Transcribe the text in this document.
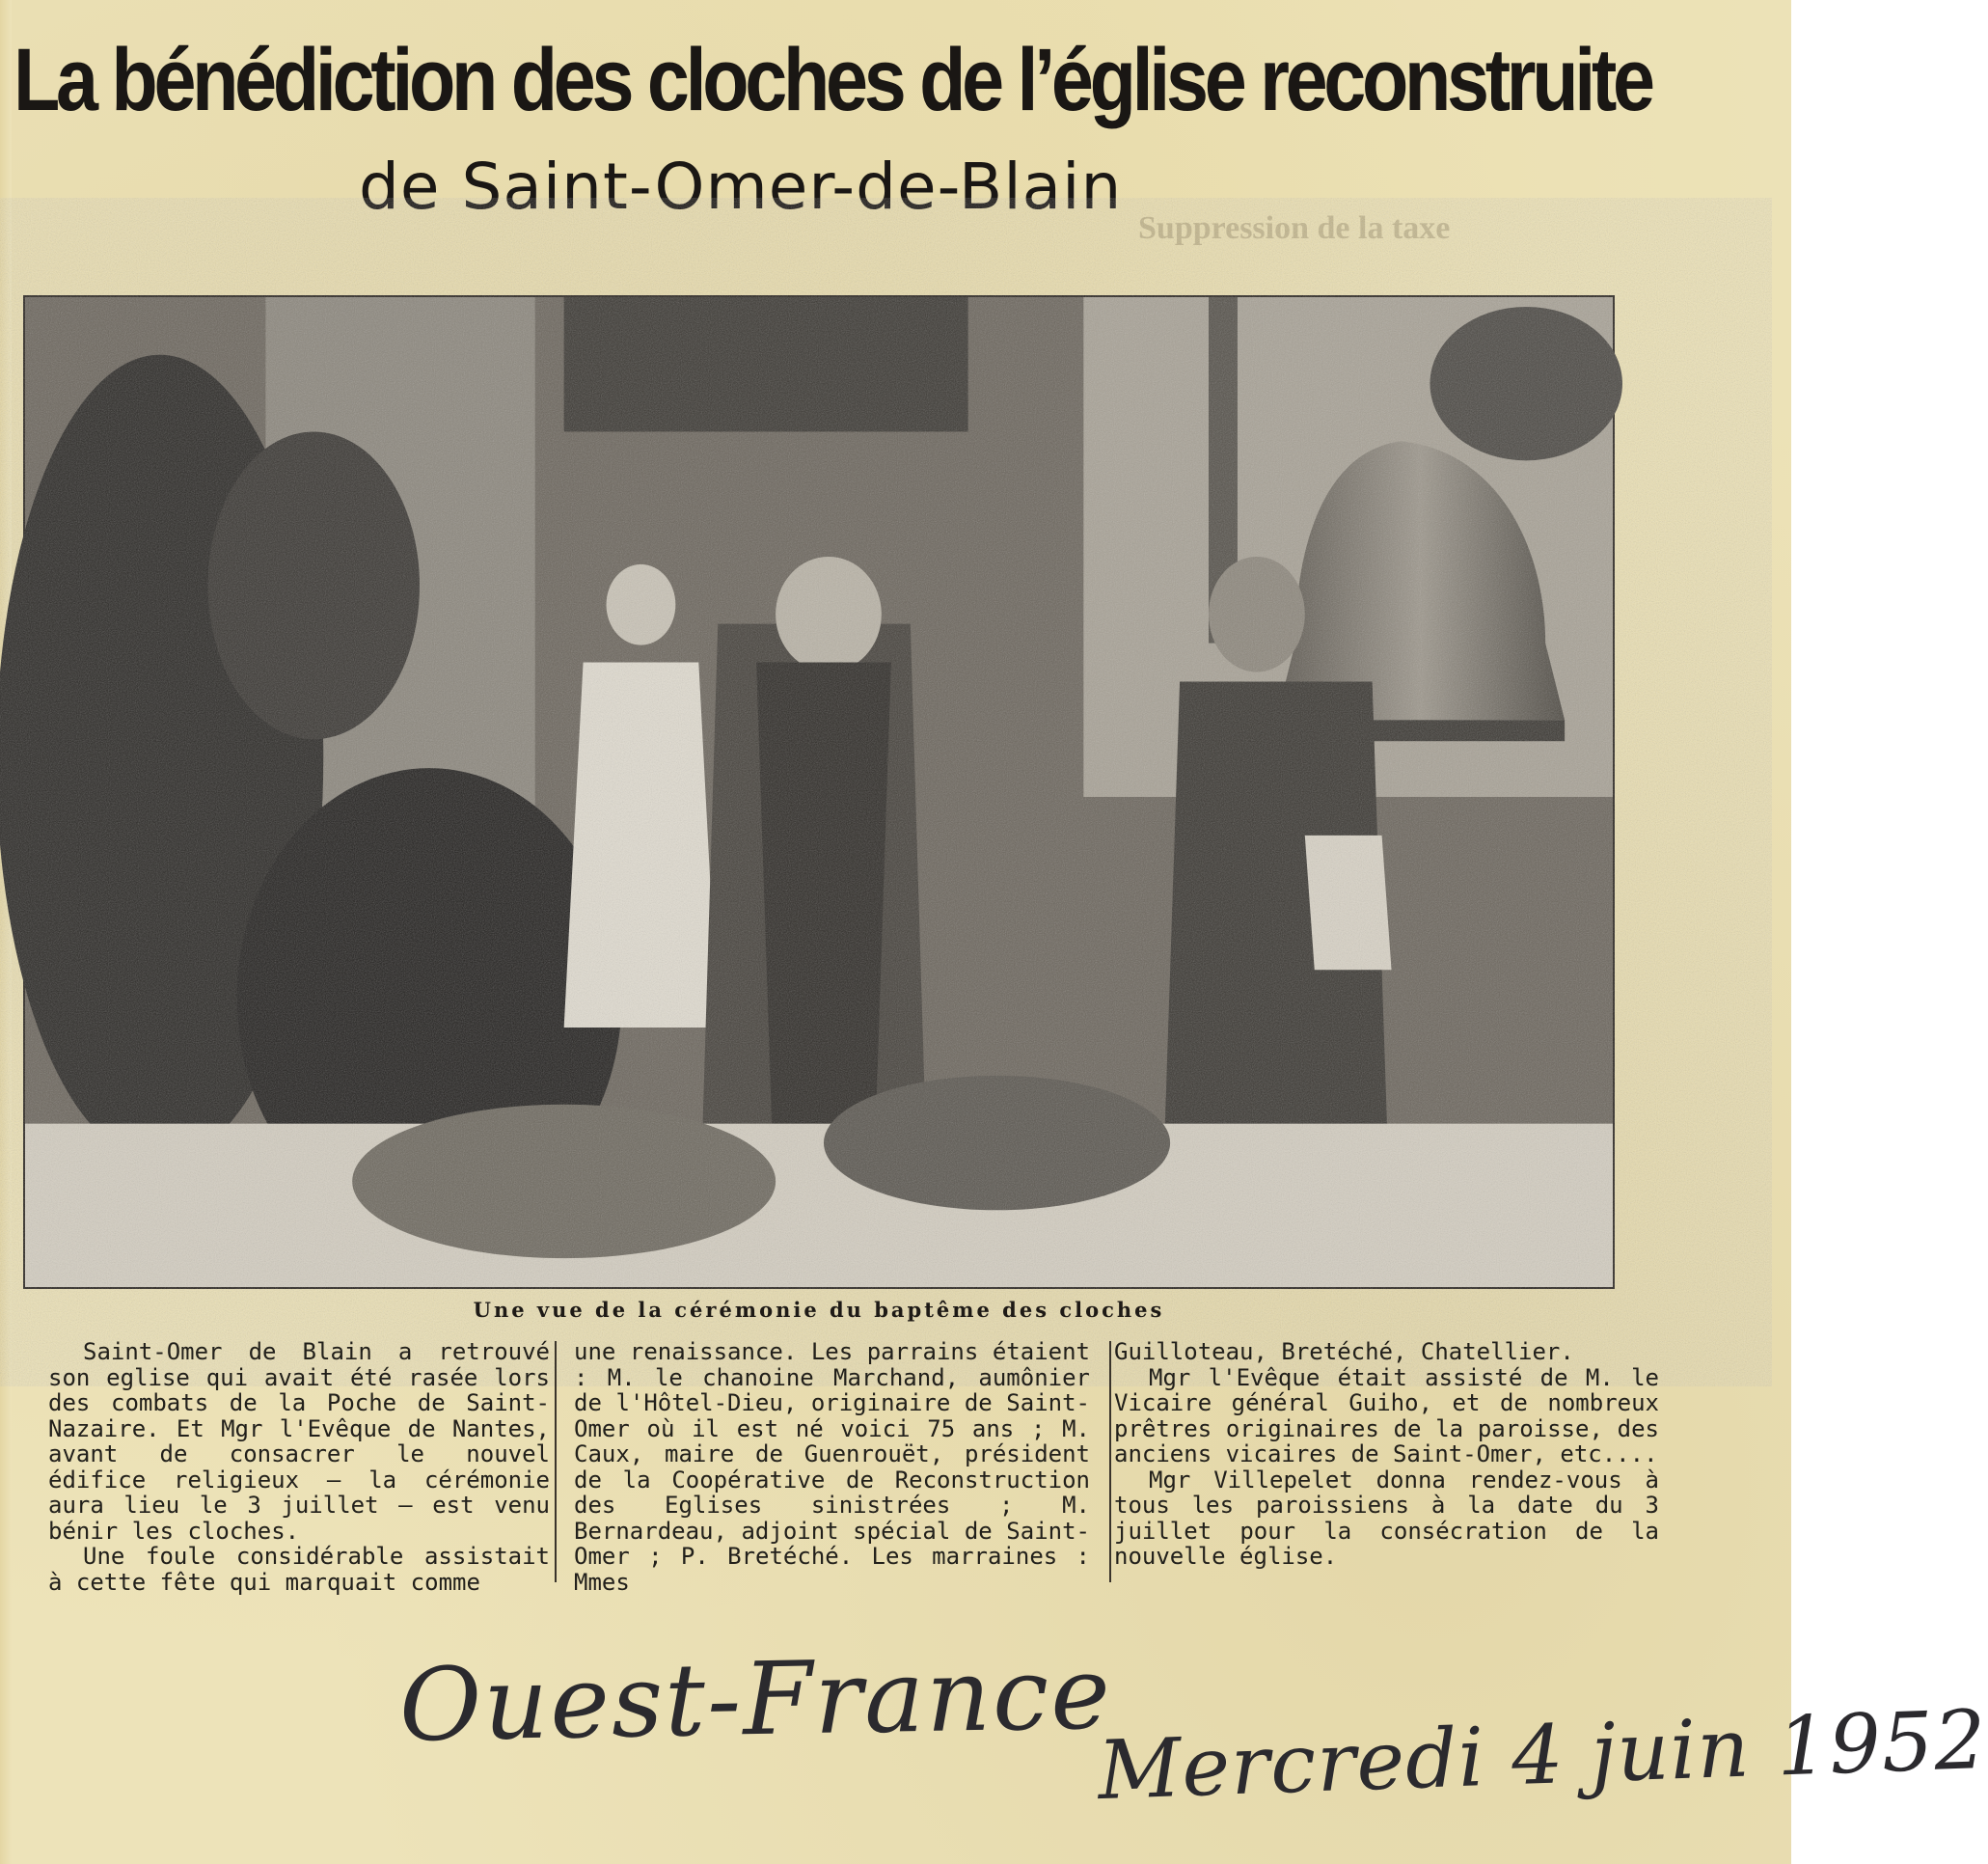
Suppression de la taxe
La bénédiction des cloches de l’église reconstruite
de Saint-Omer-de-Blain

Une vue de la cérémonie du baptême des cloches

Saint-Omer de Blain a retrouvé son eglise qui avait été rasée lors des combats de la Poche de Saint-Nazaire. Et Mgr l'Evêque de Nantes, avant de consacrer le nouvel édifice religieux — la cérémonie aura lieu le 3 juillet — est venu bénir les cloches.

Une foule considérable assistait à cette fête qui marquait comme

une renaissance. Les parrains étaient : M. le chanoine Marchand, aumônier de l'Hôtel-Dieu, originaire de Saint-Omer où il est né voici 75 ans ; M. Caux, maire de Guenrouët, président de la Coopérative de Reconstruction des Eglises sinistrées ; M. Bernardeau, adjoint spécial de Saint-Omer ; P. Bretéché. Les marraines : Mmes

Guilloteau, Bretéché, Chatellier.

Mgr l'Evêque était assisté de M. le Vicaire général Guiho, et de nombreux prêtres originaires de la paroisse, des anciens vicaires de Saint-Omer, etc....

Mgr Villepelet donna rendez-vous à tous les paroissiens à la date du 3 juillet pour la consécration de la nouvelle église.

Ouest-France

Mercredi 4 juin 1952
